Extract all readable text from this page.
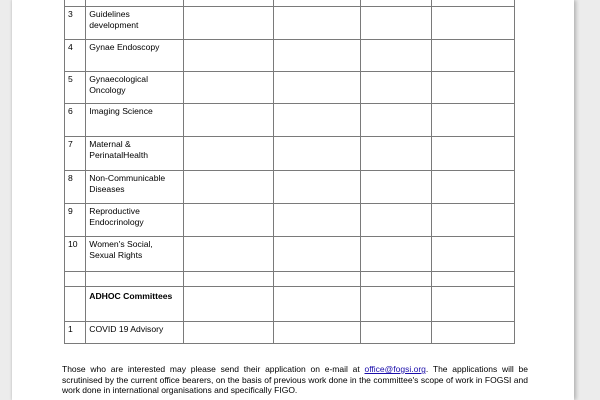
3	Guidelines development				
4	Gynae Endoscopy				
5	Gynaecological Oncology				
6	Imaging Science				
7	Maternal & PerinatalHealth				
8	Non-Communicable Diseases				
9	Reproductive Endocrinology				
10	Women's Social, Sexual Rights				

	ADHOC Committees				
1	COVID 19 Advisory				
Those who are interested may please send their application on e-mail at office@fogsi.org. The applications will be scrutinised by the current office bearers, on the basis of previous work done in the committee's scope of work in FOGSI and work done in international organisations and specifically FIGO.
